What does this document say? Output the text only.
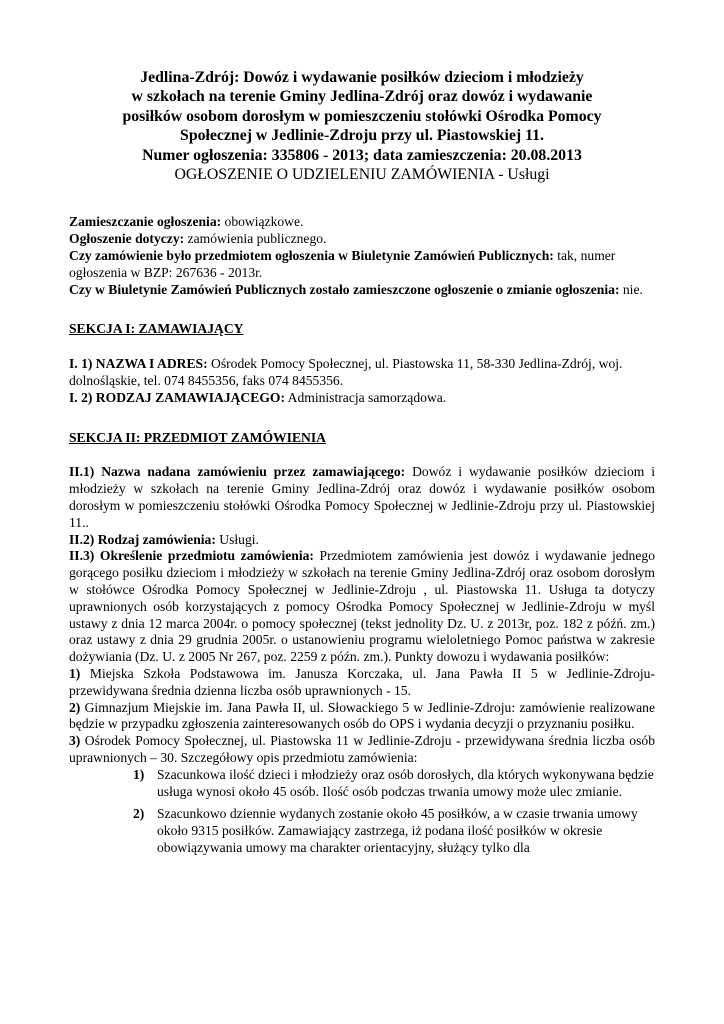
Jedlina-Zdrój: Dowóz i wydawanie posiłków dzieciom i młodzieży
w szkołach na terenie Gminy Jedlina-Zdrój oraz dowóz i wydawanie
posiłków osobom dorosłym w pomieszczeniu stołówki Ośrodka Pomocy
Społecznej w Jedlinie-Zdroju przy ul. Piastowskiej 11.
Numer ogłoszenia: 335806 - 2013; data zamieszczenia: 20.08.2013
OGŁOSZENIE O UDZIELENIU ZAMÓWIENIA - Usługi

Zamieszczanie ogłoszenia: obowiązkowe.

Ogłoszenie dotyczy: zamówienia publicznego.

Czy zamówienie było przedmiotem ogłoszenia w Biuletynie Zamówień Publicznych: tak, numer ogłoszenia w BZP: 267636 - 2013r.

Czy w Biuletynie Zamówień Publicznych zostało zamieszczone ogłoszenie o zmianie ogłoszenia: nie.

SEKCJA I: ZAMAWIAJĄCY

I. 1) NAZWA I ADRES: Ośrodek Pomocy Społecznej, ul. Piastowska 11, 58-330 Jedlina-Zdrój, woj. dolnośląskie, tel. 074 8455356, faks 074 8455356.

I. 2) RODZAJ ZAMAWIAJĄCEGO: Administracja samorządowa.

SEKCJA II: PRZEDMIOT ZAMÓWIENIA

II.1) Nazwa nadana zamówieniu przez zamawiającego: Dowóz i wydawanie posiłków dzieciom i młodzieży w szkołach na terenie Gminy Jedlina-Zdrój oraz dowóz i wydawanie posiłków osobom dorosłym w pomieszczeniu stołówki Ośrodka Pomocy Społecznej w Jedlinie-Zdroju przy ul. Piastowskiej 11..

II.2) Rodzaj zamówienia: Usługi.

II.3) Określenie przedmiotu zamówienia: Przedmiotem zamówienia jest dowóz i wydawanie jednego gorącego posiłku dzieciom i młodzieży w szkołach na terenie Gminy Jedlina-Zdrój oraz osobom dorosłym w stołówce Ośrodka Pomocy Społecznej w Jedlinie-Zdroju , ul. Piastowska 11. Usługa ta dotyczy uprawnionych osób korzystających z pomocy Ośrodka Pomocy Społecznej w Jedlinie-Zdroju w myśl ustawy z dnia 12 marca 2004r. o pomocy społecznej (tekst jednolity Dz. U. z 2013r, poz. 182 z późń. zm.) oraz ustawy z dnia 29 grudnia 2005r. o ustanowieniu programu wieloletniego Pomoc państwa w zakresie dożywiania (Dz. U. z 2005 Nr 267, poz. 2259 z późn. zm.). Punkty dowozu i wydawania posiłków:

1) Miejska Szkoła Podstawowa im. Janusza Korczaka, ul. Jana Pawła II 5 w Jedlinie-Zdroju- przewidywana średnia dzienna liczba osób uprawnionych - 15.

2) Gimnazjum Miejskie im. Jana Pawła II, ul. Słowackiego 5 w Jedlinie-Zdroju: zamówienie realizowane będzie w przypadku zgłoszenia zainteresowanych osób do OPS i wydania decyzji o przyznaniu posiłku.

3) Ośrodek Pomocy Społecznej, ul. Piastowska 11 w Jedlinie-Zdroju - przewidywana średnia liczba osób uprawnionych – 30. Szczegółowy opis przedmiotu zamówienia:

1) Szacunkowa ilość dzieci i młodzieży oraz osób dorosłych, dla których wykonywana będzie usługa wynosi około 45 osób. Ilość osób podczas trwania umowy może ulec zmianie.
2) Szacunkowo dziennie wydanych zostanie około 45 posiłków, a w czasie trwania umowy około 9315 posiłków. Zamawiający zastrzega, iż podana ilość posiłków w okresie obowiązywania umowy ma charakter orientacyjny, służący tylko dla
